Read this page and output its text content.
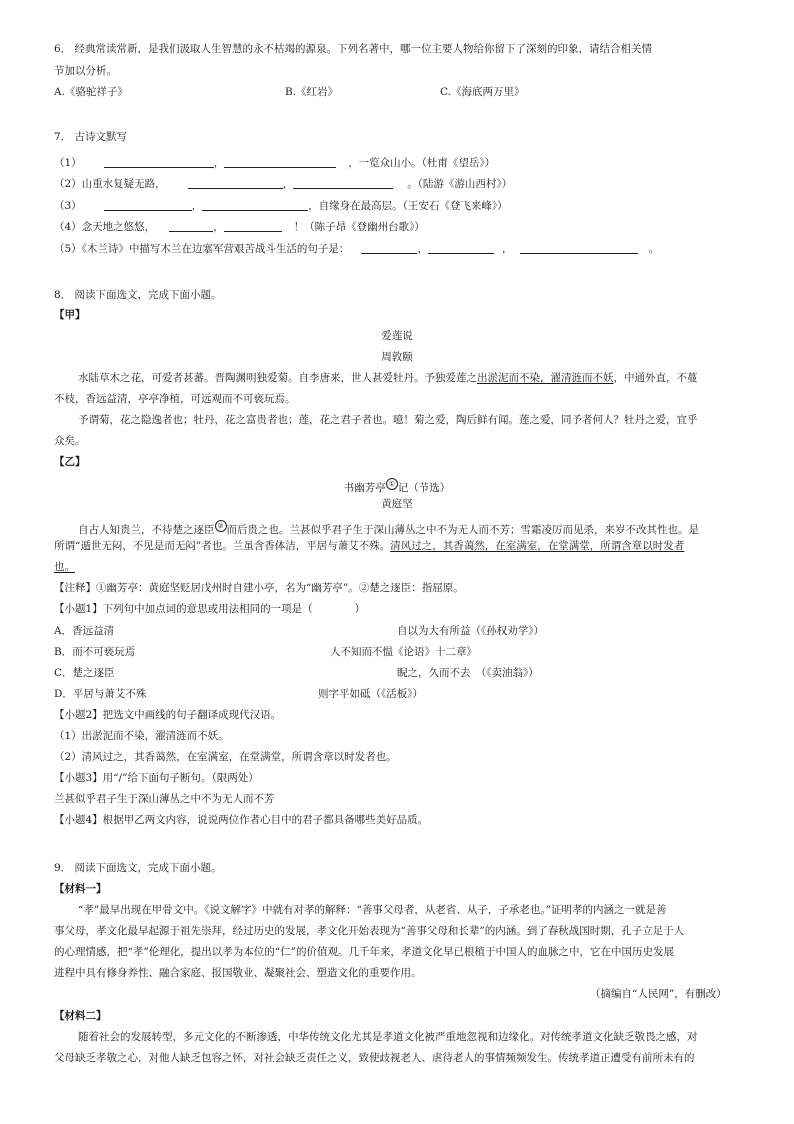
6． 经典常读常新，是我们汲取人生智慧的永不枯竭的源泉。下列名著中，哪一位主要人物给你留下了深刻的印象，请结合相关情
节加以分析。
A.《骆驼祥子》	B.《红岩》	C.《海底两万里》
7． 古诗文默写
（1）	，	，一览众山小。（杜甫《望岳》）
（2）山重水复疑无路，	，	。（陆游《游山西村》）
（3）	，	，自缘身在最高层。（王安石《登飞来峰》）
（4）念天地之悠悠，	，	！（陈子昂《登幽州台歌》）
（5）《木兰诗》中描写木兰在边塞军营艰苦战斗生活的句子是：	，	，	。
8． 阅读下面选文，完成下面小题。
【甲】
爱莲说
周敦颐
水陆草木之花，可爱者甚蕃。晋陶渊明独爱菊。自李唐来，世人甚爱牡丹。予独爱莲之出淤泥而不染，濯清涟而不妖，中通外直，不蔓
不枝，香远益清，亭亭净植，可远观而不可亵玩焉。
予谓菊，花之隐逸者也；牡丹，花之富贵者也；莲，花之君子者也。噫！菊之爱，陶后鲜有闻。莲之爱，同予者何人？牡丹之爱，宜乎
众矣。
【乙】
书幽芳亭 ① 记（节选）
黄庭坚
自古人知贵兰，不待楚之逐臣 ② 而后贵之也。兰甚似乎君子生于深山薄丛之中不为无人而不芳；雪霜凌厉而见杀，来岁不改其性也。是
所谓“遁世无闷，不见是而无闷”者也。兰虽含香体洁，平居与萧艾不殊。清风过之，其香蔼然，在室满室，在堂满堂，所谓含章以时发者
也。
【注释】①幽芳亭：黄庭坚贬居戊州时自建小亭，名为“幽芳亭”。②楚之逐臣：指屈原。
【小题1】下列句中加点词的意思或用法相同的一项是（　　　　）
A．香远益清	自以为大有所益（《孙权劝学》）
B．而不可亵玩焉	人不知而不愠《论语》十二章》
C．楚之逐臣	睨之，久而不去　（《卖油翁》）
D．平居与萧艾不殊	则字平如砥（《活板》）
【小题2】把选文中画线的句子翻译成现代汉语。
（1）出淤泥而不染，濯清涟而不妖。
（2）清风过之，其香蔼然，在室满室，在堂满堂，所谓含章以时发者也。
【小题3】用“/”给下面句子断句。（限两处）
兰甚似乎君子生于深山薄丛之中不为无人而不芳
【小题4】根据甲乙两文内容，说说两位作者心目中的君子都具备哪些美好品质。
9． 阅读下面选文，完成下面小题。
【材料一】
“孝”最早出现在甲骨文中。《说文解字》中就有对孝的解释：“善事父母者，从老省、从子，子承老也。”证明孝的内涵之一就是善
事父母，孝文化最早起源于祖先崇拜，经过历史的发展，孝文化开始表现为“善事父母和长辈”的内涵。到了春秋战国时期，孔子立足于人
的心理情感，把“孝”伦理化，提出以孝为本位的“仁”的价值观。几千年来，孝道文化早已根植于中国人的血脉之中，它在中国历史发展
进程中具有修身养性、融合家庭、报国敬业、凝聚社会、塑造文化的重要作用。
（摘编自“人民网”，有删改）
【材料二】
随着社会的发展转型，多元文化的不断渗透，中华传统文化尤其是孝道文化被严重地忽视和边缘化。对传统孝道文化缺乏敬畏之感，对
父母缺乏孝敬之心，对他人缺乏包容之怀，对社会缺乏责任之义，致使歧视老人、虐待老人的事情频频发生。传统孝道正遭受有前所未有的
